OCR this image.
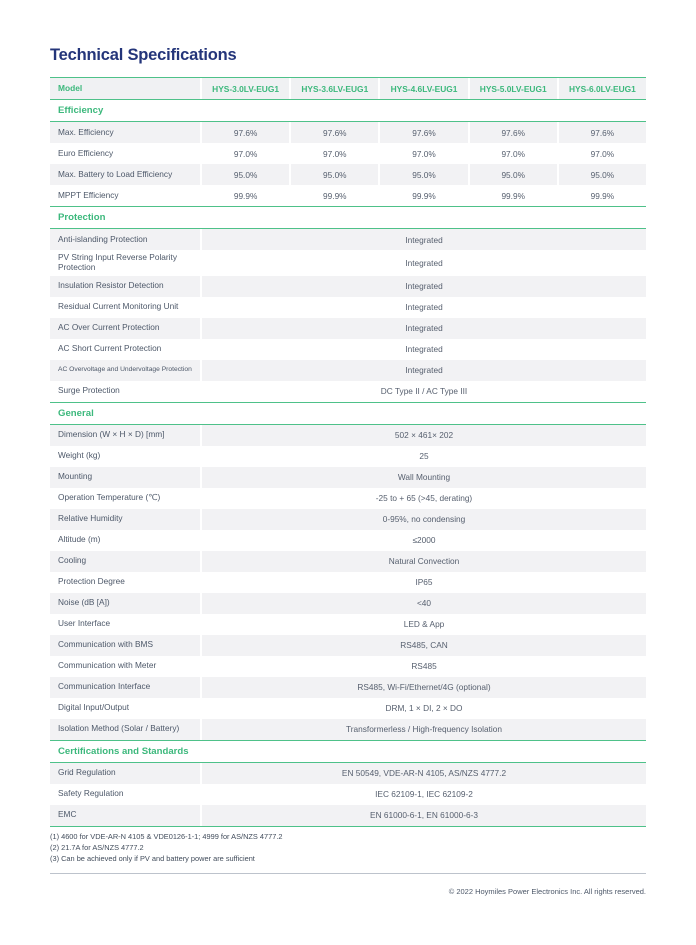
Technical Specifications
Model	HYS-3.0LV-EUG1	HYS-3.6LV-EUG1	HYS-4.6LV-EUG1	HYS-5.0LV-EUG1	HYS-6.0LV-EUG1
Efficiency
Max. Efficiency	97.6%	97.6%	97.6%	97.6%	97.6%
Euro Efficiency	97.0%	97.0%	97.0%	97.0%	97.0%
Max. Battery to Load Efficiency	95.0%	95.0%	95.0%	95.0%	95.0%
MPPT Efficiency	99.9%	99.9%	99.9%	99.9%	99.9%
Protection
Anti-islanding Protection	Integrated
PV String Input Reverse Polarity Protection	Integrated
Insulation Resistor Detection	Integrated
Residual Current Monitoring Unit	Integrated
AC Over Current Protection	Integrated
AC Short Current Protection	Integrated
AC Overvoltage and Undervoltage Protection	Integrated
Surge Protection	DC Type II / AC Type III
General
Dimension (W × H × D) [mm]	502 × 461× 202
Weight (kg)	25
Mounting	Wall Mounting
Operation Temperature (℃)	-25 to + 65 (>45, derating)
Relative Humidity	0-95%, no condensing
Altitude (m)	≤2000
Cooling	Natural Convection
Protection Degree	IP65
Noise (dB [A])	<40
User Interface	LED & App
Communication with BMS	RS485, CAN
Communication with Meter	RS485
Communication Interface	RS485, Wi-Fi/Ethernet/4G (optional)
Digital Input/Output	DRM, 1 × DI, 2 × DO
Isolation Method (Solar / Battery)	Transformerless / High-frequency Isolation
Certifications and Standards
Grid Regulation	EN 50549, VDE-AR-N 4105, AS/NZS 4777.2
Safety Regulation	IEC 62109-1, IEC 62109-2
EMC	EN 61000-6-1, EN 61000-6-3
(1) 4600 for VDE-AR-N 4105 & VDE0126-1-1; 4999 for AS/NZS 4777.2
(2) 21.7A for AS/NZS 4777.2
(3) Can be achieved only if PV and battery power are sufficient
© 2022 Hoymiles Power Electronics Inc. All rights reserved.
